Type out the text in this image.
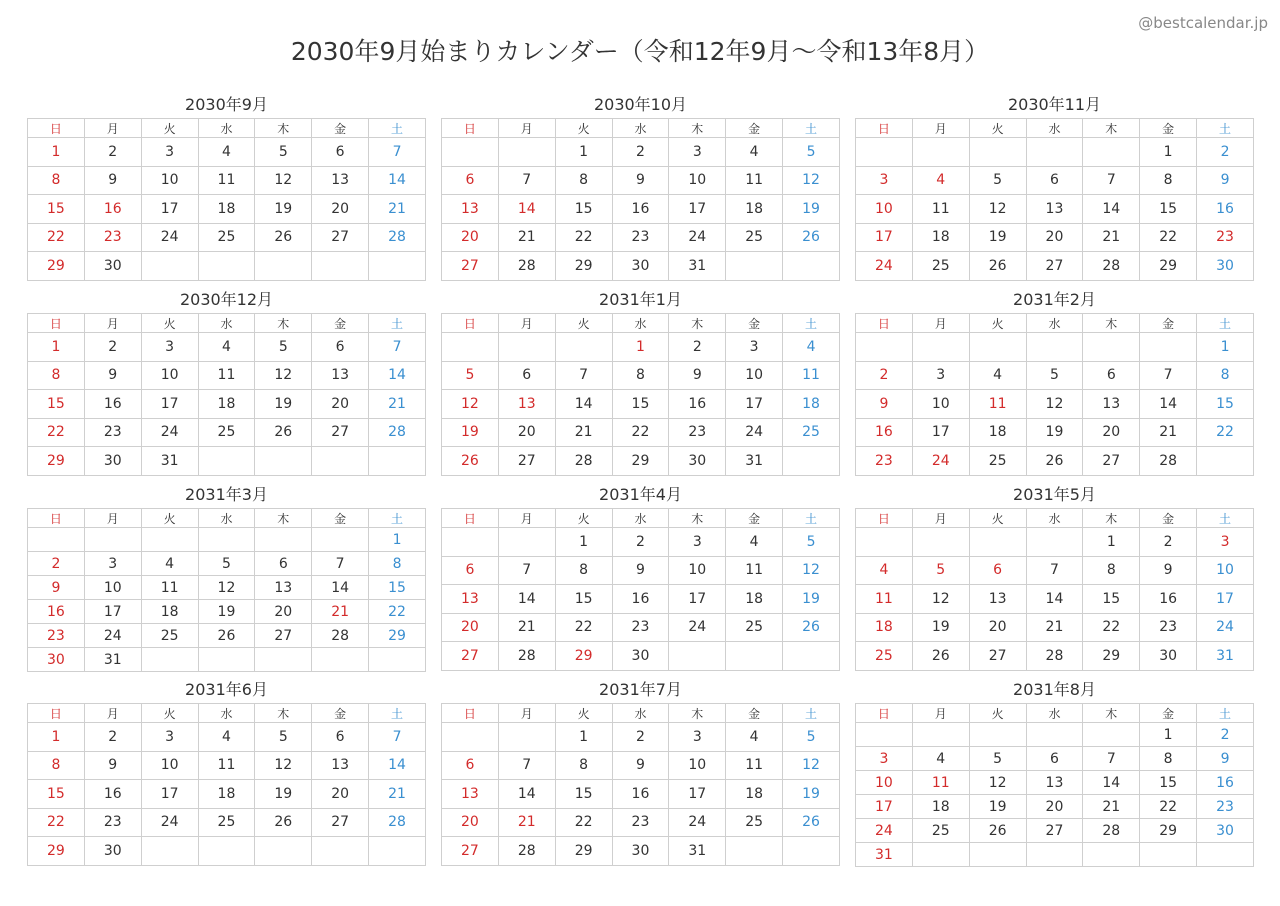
@bestcalendar.jp
2030年9月始まりカレンダー（令和12年9月〜令和13年8月）
2030年9月
日	月	火	水	木	金	土
1	2	3	4	5	6	7
8	9	10	11	12	13	14
15	16	17	18	19	20	21
22	23	24	25	26	27	28
29	30					
2030年10月
日	月	火	水	木	金	土
		1	2	3	4	5
6	7	8	9	10	11	12
13	14	15	16	17	18	19
20	21	22	23	24	25	26
27	28	29	30	31		
2030年11月
日	月	火	水	木	金	土
					1	2
3	4	5	6	7	8	9
10	11	12	13	14	15	16
17	18	19	20	21	22	23
24	25	26	27	28	29	30
2030年12月
日	月	火	水	木	金	土
1	2	3	4	5	6	7
8	9	10	11	12	13	14
15	16	17	18	19	20	21
22	23	24	25	26	27	28
29	30	31				
2031年1月
日	月	火	水	木	金	土
			1	2	3	4
5	6	7	8	9	10	11
12	13	14	15	16	17	18
19	20	21	22	23	24	25
26	27	28	29	30	31	
2031年2月
日	月	火	水	木	金	土
						1
2	3	4	5	6	7	8
9	10	11	12	13	14	15
16	17	18	19	20	21	22
23	24	25	26	27	28	
2031年3月
日	月	火	水	木	金	土
						1
2	3	4	5	6	7	8
9	10	11	12	13	14	15
16	17	18	19	20	21	22
23	24	25	26	27	28	29
30	31					
2031年4月
日	月	火	水	木	金	土
		1	2	3	4	5
6	7	8	9	10	11	12
13	14	15	16	17	18	19
20	21	22	23	24	25	26
27	28	29	30			
2031年5月
日	月	火	水	木	金	土
				1	2	3
4	5	6	7	8	9	10
11	12	13	14	15	16	17
18	19	20	21	22	23	24
25	26	27	28	29	30	31
2031年6月
日	月	火	水	木	金	土
1	2	3	4	5	6	7
8	9	10	11	12	13	14
15	16	17	18	19	20	21
22	23	24	25	26	27	28
29	30					
2031年7月
日	月	火	水	木	金	土
		1	2	3	4	5
6	7	8	9	10	11	12
13	14	15	16	17	18	19
20	21	22	23	24	25	26
27	28	29	30	31		
2031年8月
日	月	火	水	木	金	土
					1	2
3	4	5	6	7	8	9
10	11	12	13	14	15	16
17	18	19	20	21	22	23
24	25	26	27	28	29	30
31						
